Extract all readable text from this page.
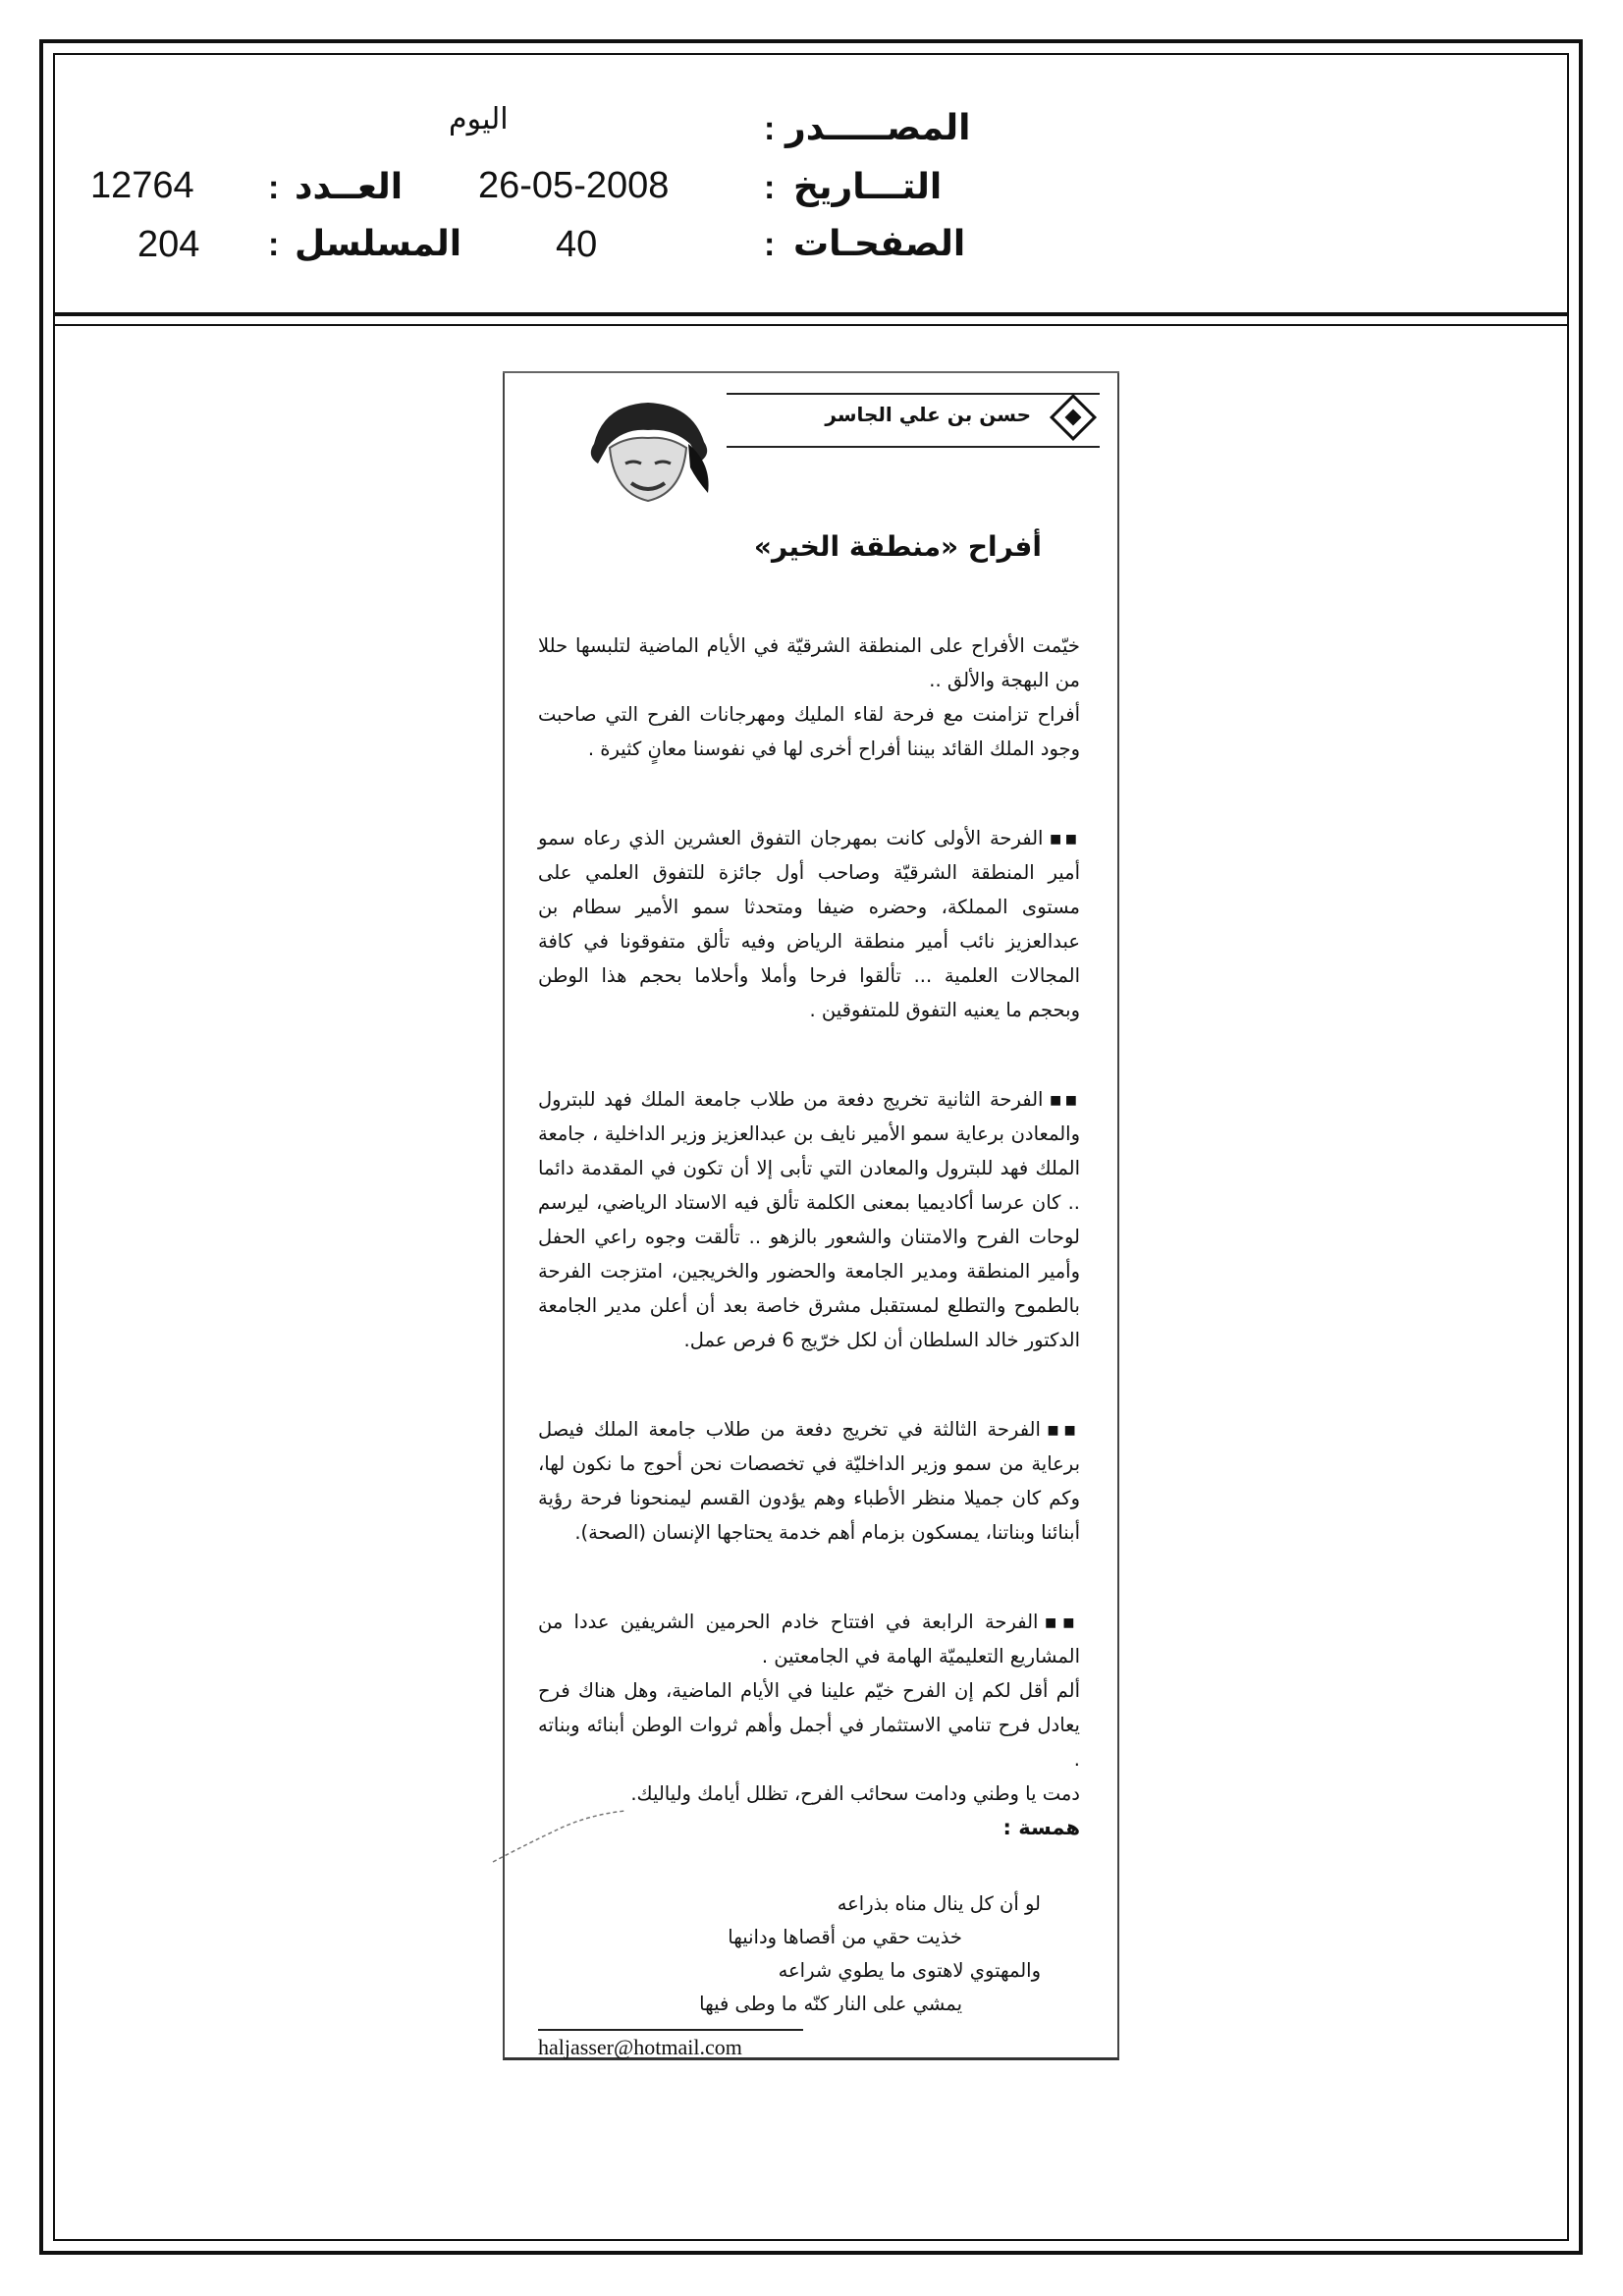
المصـــــدر
:
اليوم
التـــاريخ
:
26-05-2008
العــدد
:
12764
الصفحـات
:
40
المسلسل
:
204
حسن بن علي الجاسر
أفراح «منطقة الخير»

خيّمت الأفراح على المنطقة الشرقيّة في الأيام الماضية لتلبسها حللا من البهجة والألق ..

أفراح تزامنت مع فرحة لقاء المليك ومهرجانات الفرح التي صاحبت وجود الملك القائد بيننا أفراح أخرى لها في نفوسنا معانٍ كثيرة .

▪▪الفرحة الأولى كانت بمهرجان التفوق العشرين الذي رعاه سمو أمير المنطقة الشرقيّة وصاحب أول جائزة للتفوق العلمي على مستوى المملكة، وحضره ضيفا ومتحدثا سمو الأمير سطام بن عبدالعزيز نائب أمير منطقة الرياض وفيه تألق متفوقونا في كافة المجالات العلمية ... تألقوا فرحا وأملا وأحلاما بحجم هذا الوطن وبحجم ما يعنيه التفوق للمتفوقين .

▪▪الفرحة الثانية تخريج دفعة من طلاب جامعة الملك فهد للبترول والمعادن برعاية سمو الأمير نايف بن عبدالعزيز وزير الداخلية ، جامعة الملك فهد للبترول والمعادن التي تأبى إلا أن تكون في المقدمة دائما .. كان عرسا أكاديميا بمعنى الكلمة تألق فيه الاستاد الرياضي، ليرسم لوحات الفرح والامتنان والشعور بالزهو .. تألقت وجوه راعي الحفل وأمير المنطقة ومدير الجامعة والحضور والخريجين، امتزجت الفرحة بالطموح والتطلع لمستقبل مشرق خاصة بعد أن أعلن مدير الجامعة الدكتور خالد السلطان أن لكل خرّيج 6 فرص عمل.

▪▪الفرحة الثالثة في تخريج دفعة من طلاب جامعة الملك فيصل برعاية من سمو وزير الداخليّة في تخصصات نحن أحوج ما نكون لها، وكم كان جميلا منظر الأطباء وهم يؤدون القسم ليمنحونا فرحة رؤية أبنائنا وبناتنا، يمسكون بزمام أهم خدمة يحتاجها الإنسان (الصحة).

▪▪الفرحة الرابعة في افتتاح خادم الحرمين الشريفين عددا من المشاريع التعليميّة الهامة في الجامعتين .

ألم أقل لكم إن الفرح خيّم علينا في الأيام الماضية، وهل هناك فرح يعادل فرح تنامي الاستثمار في أجمل وأهم ثروات الوطن أبنائه وبناته .

دمت يا وطني ودامت سحائب الفرح، تظلل أيامك ولياليك.

همسة :

لو أن كل ينال مناه بذراعه
خذيت حقي من أقصاها ودانيها
والمهتوي لاهتوى ما يطوي شراعه
يمشي على النار كنّه ما وطى فيها
haljasser@hotmail.com
